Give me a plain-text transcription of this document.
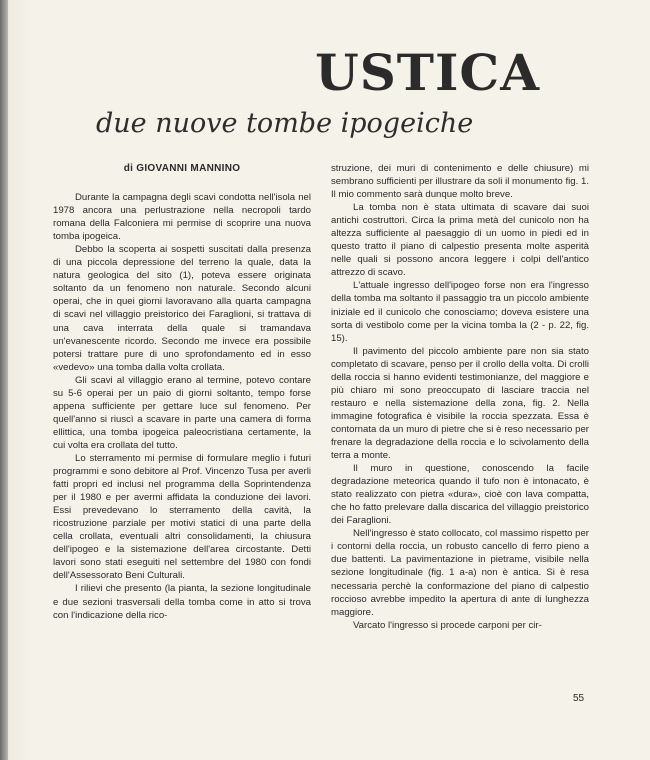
USTICA
due nuove tombe ipogeiche
di GIOVANNI MANNINO

Durante la campagna degli scavi condotta nell'isola nel 1978 ancora una perlustrazione nella necropoli tardo romana della Falconiera mi permise di scoprire una nuova tomba ipogeica.

Debbo la scoperta ai sospetti suscitati dalla presenza di una piccola depressione del terreno la quale, data la natura geologica del sito (1), poteva essere originata soltanto da un fenomeno non naturale. Secondo alcuni operai, che in quei giorni lavoravano alla quarta campagna di scavi nel villaggio preistorico dei Faraglioni, si trattava di una cava interrata della quale si tramandava un'evanescente ricordo. Secondo me invece era possibile potersi trattare pure di uno sprofondamento ed in esso «vedevo» una tomba dalla volta crollata.

Gli scavi al villaggio erano al termine, potevo contare su 5-6 operai per un paio di giorni soltanto, tempo forse appena sufficiente per gettare luce sul fenomeno. Per quell'anno si riuscì a scavare in parte una camera di forma ellittica, una tomba ipogeica paleocristiana certamente, la cui volta era crollata del tutto.

Lo sterramento mi permise di formulare meglio i futuri programmi e sono debitore al Prof. Vincenzo Tusa per averli fatti propri ed inclusi nel programma della Soprintendenza per il 1980 e per avermi affidata la conduzione dei lavori. Essi prevedevano lo sterramento della cavità, la ricostruzione parziale per motivi statici di una parte della cella crollata, eventuali altri consolidamenti, la chiusura dell'ipogeo e la sistemazione dell'area circostante. Detti lavori sono stati eseguiti nel settembre del 1980 con fondi dell'Assessorato Beni Culturali.

I rilievi che presento (la pianta, la sezione longitudinale e due sezioni trasversali della tomba come in atto si trova con l'indicazione della rico-

struzione, dei muri di contenimento e delle chiusure) mi sembrano sufficienti per illustrare da soli il monumento fig. 1. Il mio commento sarà dunque molto breve.

La tomba non è stata ultimata di scavare dai suoi antichi costruttori. Circa la prima metà del cunicolo non ha altezza sufficiente al paesaggio di un uomo in piedi ed in questo tratto il piano di calpestio presenta molte asperità nelle quali si possono ancora leggere i colpi dell'antico attrezzo di scavo.

L'attuale ingresso dell'ipogeo forse non era l'ingresso della tomba ma soltanto il passaggio tra un piccolo ambiente iniziale ed il cunicolo che conosciamo; doveva esistere una sorta di vestibolo come per la vicina tomba la (2 - p. 22, fig. 15).

Il pavimento del piccolo ambiente pare non sia stato completato di scavare, penso per il crollo della volta. Di crolli della roccia si hanno evidenti testimonianze, del maggiore e più chiaro mi sono preoccupato di lasciare traccia nel restauro e nella sistemazione della zona, fig. 2. Nella immagine fotografica è visibile la roccia spezzata. Essa è contornata da un muro di pietre che si è reso necessario per frenare la degradazione della roccia e lo scivolamento della terra a monte.

Il muro in questione, conoscendo la facile degradazione meteorica quando il tufo non è intonacato, è stato realizzato con pietra «dura», cioè con lava compatta, che ho fatto prelevare dalla discarica del villaggio preistorico dei Faraglioni.

Nell'ingresso è stato collocato, col massimo rispetto per i contorni della roccia, un robusto cancello di ferro pieno a due battenti. La pavimentazione in pietrame, visibile nella sezione longitudinale (fig. 1 a-a) non è antica. Si è resa necessaria perchè la conformazione del piano di calpestio roccioso avrebbe impedito la apertura di ante di lunghezza maggiore.

Varcato l'ingresso si procede carponi per cir-

55
